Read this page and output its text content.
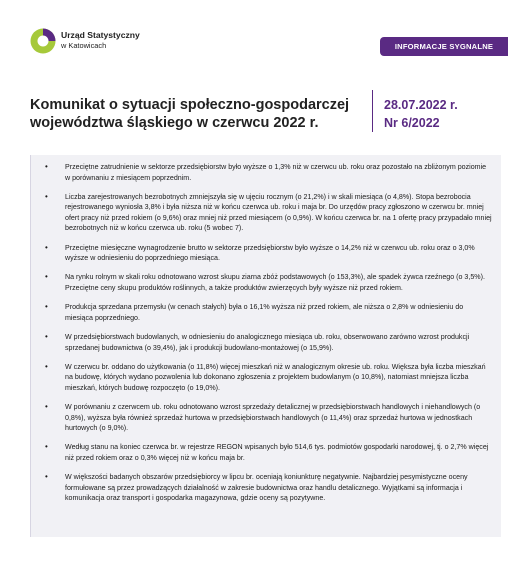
Urząd Statystyczny
w Katowicach	INFORMACJE SYGNALNE
Komunikat o sytuacji społeczno-gospodarczej
województwa śląskiego w czerwcu 2022 r.
28.07.2022 r.
Nr 6/2022
• Przeciętne zatrudnienie w sektorze przedsiębiorstw było wyższe o 1,3% niż w czerwcu ub. roku oraz pozostało na zbliżonym poziomie w porównaniu z miesiącem poprzednim.
• Liczba zarejestrowanych bezrobotnych zmniejszyła się w ujęciu rocznym (o 21,2%) i w skali miesiąca (o 4,8%). Stopa bezrobocia rejestrowanego wyniosła 3,8% i była niższa niż w końcu czerwca ub. roku i maja br. Do urzędów pracy zgłoszono w czerwcu br. mniej ofert pracy niż przed rokiem (o 9,6%) oraz mniej niż przed miesiącem (o 0,9%). W końcu czerwca br. na 1 ofertę pracy przypadało mniej bezrobotnych niż w końcu czerwca ub. roku (5 wobec 7).
• Przeciętne miesięczne wynagrodzenie brutto w sektorze przedsiębiorstw było wyższe o 14,2% niż w czerwcu ub. roku oraz o 3,0% wyższe w odniesieniu do poprzedniego miesiąca.
• Na rynku rolnym w skali roku odnotowano wzrost skupu ziarna zbóż podstawowych (o 153,3%), ale spadek żywca rzeźnego (o 3,5%). Przeciętne ceny skupu produktów roślinnych, a także produktów zwierzęcych były wyższe niż przed rokiem.
• Produkcja sprzedana przemysłu (w cenach stałych) była o 16,1% wyższa niż przed rokiem, ale niższa o 2,8% w odniesieniu do miesiąca poprzedniego.
• W przedsiębiorstwach budowlanych, w odniesieniu do analogicznego miesiąca ub. roku, obserwowano zarówno wzrost produkcji sprzedanej budownictwa (o 39,4%), jak i produkcji budowlano-montażowej (o 15,9%).
• W czerwcu br. oddano do użytkowania (o 11,8%) więcej mieszkań niż w analogicznym okresie ub. roku. Większa była liczba mieszkań na budowę, których wydano pozwolenia lub dokonano zgłoszenia z projektem budowlanym (o 10,8%), natomiast mniejsza liczba mieszkań, których budowę rozpoczęto (o 19,0%).
• W porównaniu z czerwcem ub. roku odnotowano wzrost sprzedaży detalicznej w przedsiębiorstwach handlowych i niehandlowych (o 0,8%), wyższa była również sprzedaż hurtowa w przedsiębiorstwach handlowych (o 11,4%) oraz sprzedaż hurtowa w jednostkach hurtowych (o 9,0%).
• Według stanu na koniec czerwca br. w rejestrze REGON wpisanych było 514,6 tys. podmiotów gospodarki narodowej, tj. o 2,7% więcej niż przed rokiem oraz o 0,3% więcej niż w końcu maja br.
• W większości badanych obszarów przedsiębiorcy w lipcu br. oceniają koniunkturę negatywnie. Najbardziej pesymistyczne oceny formułowane są przez prowadzących działalność w zakresie budownictwa oraz handlu detalicznego. Wyjątkami są informacja i komunikacja oraz transport i gospodarka magazynowa, gdzie oceny są pozytywne.
